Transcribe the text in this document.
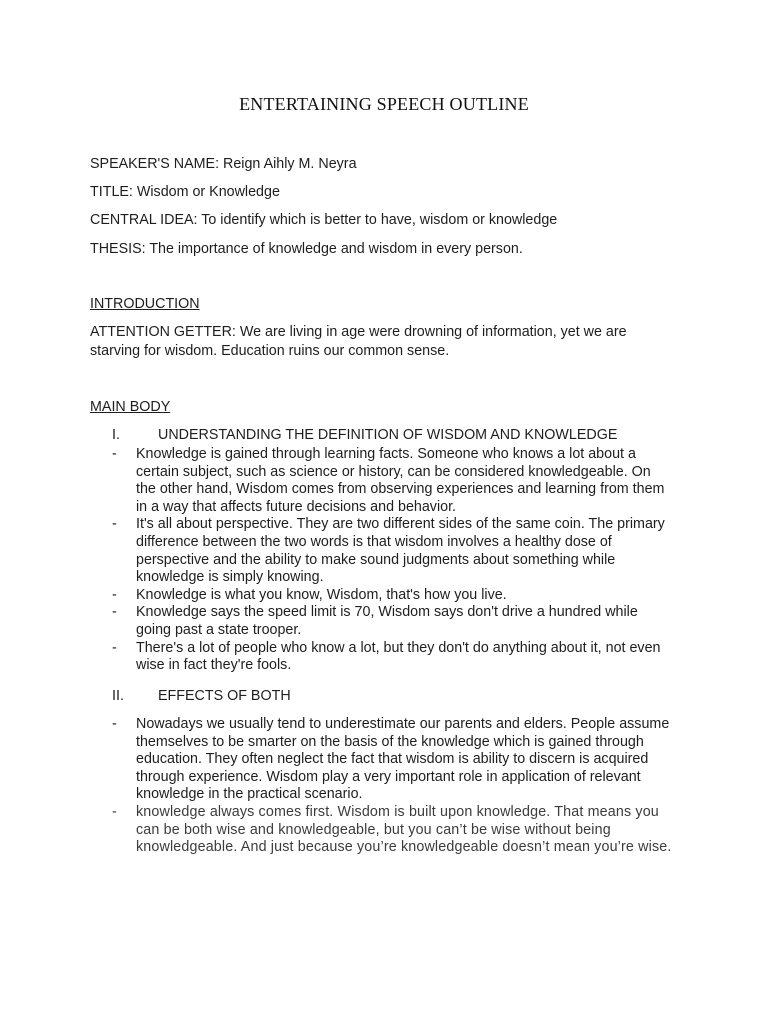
ENTERTAINING SPEECH OUTLINE
SPEAKER'S NAME: Reign Aihly M. Neyra
TITLE: Wisdom or Knowledge
CENTRAL IDEA: To identify which is better to have, wisdom or knowledge
THESIS: The importance of knowledge and wisdom in every person.
INTRODUCTION
ATTENTION GETTER: We are living in age were drowning of information, yet we are starving for wisdom. Education ruins our common sense.
MAIN BODY
I.	UNDERSTANDING THE DEFINITION OF WISDOM AND KNOWLEDGE
- Knowledge is gained through learning facts. Someone who knows a lot about a certain subject, such as science or history, can be considered knowledgeable. On the other hand, Wisdom comes from observing experiences and learning from them in a way that affects future decisions and behavior.
- It's all about perspective. They are two different sides of the same coin. The primary difference between the two words is that wisdom involves a healthy dose of perspective and the ability to make sound judgments about something while knowledge is simply knowing.
- Knowledge is what you know, Wisdom, that's how you live.
- Knowledge says the speed limit is 70, Wisdom says don't drive a hundred while going past a state trooper.
- There's a lot of people who know a lot, but they don't do anything about it, not even wise in fact they're fools.
II. EFFECTS OF BOTH
- Nowadays we usually tend to underestimate our parents and elders. People assume themselves to be smarter on the basis of the knowledge which is gained through education. They often neglect the fact that wisdom is ability to discern is acquired through experience. Wisdom play a very important role in application of relevant knowledge in the practical scenario.
- knowledge always comes first. Wisdom is built upon knowledge. That means you can be both wise and knowledgeable, but you can’t be wise without being knowledgeable. And just because you’re knowledgeable doesn’t mean you’re wise.
